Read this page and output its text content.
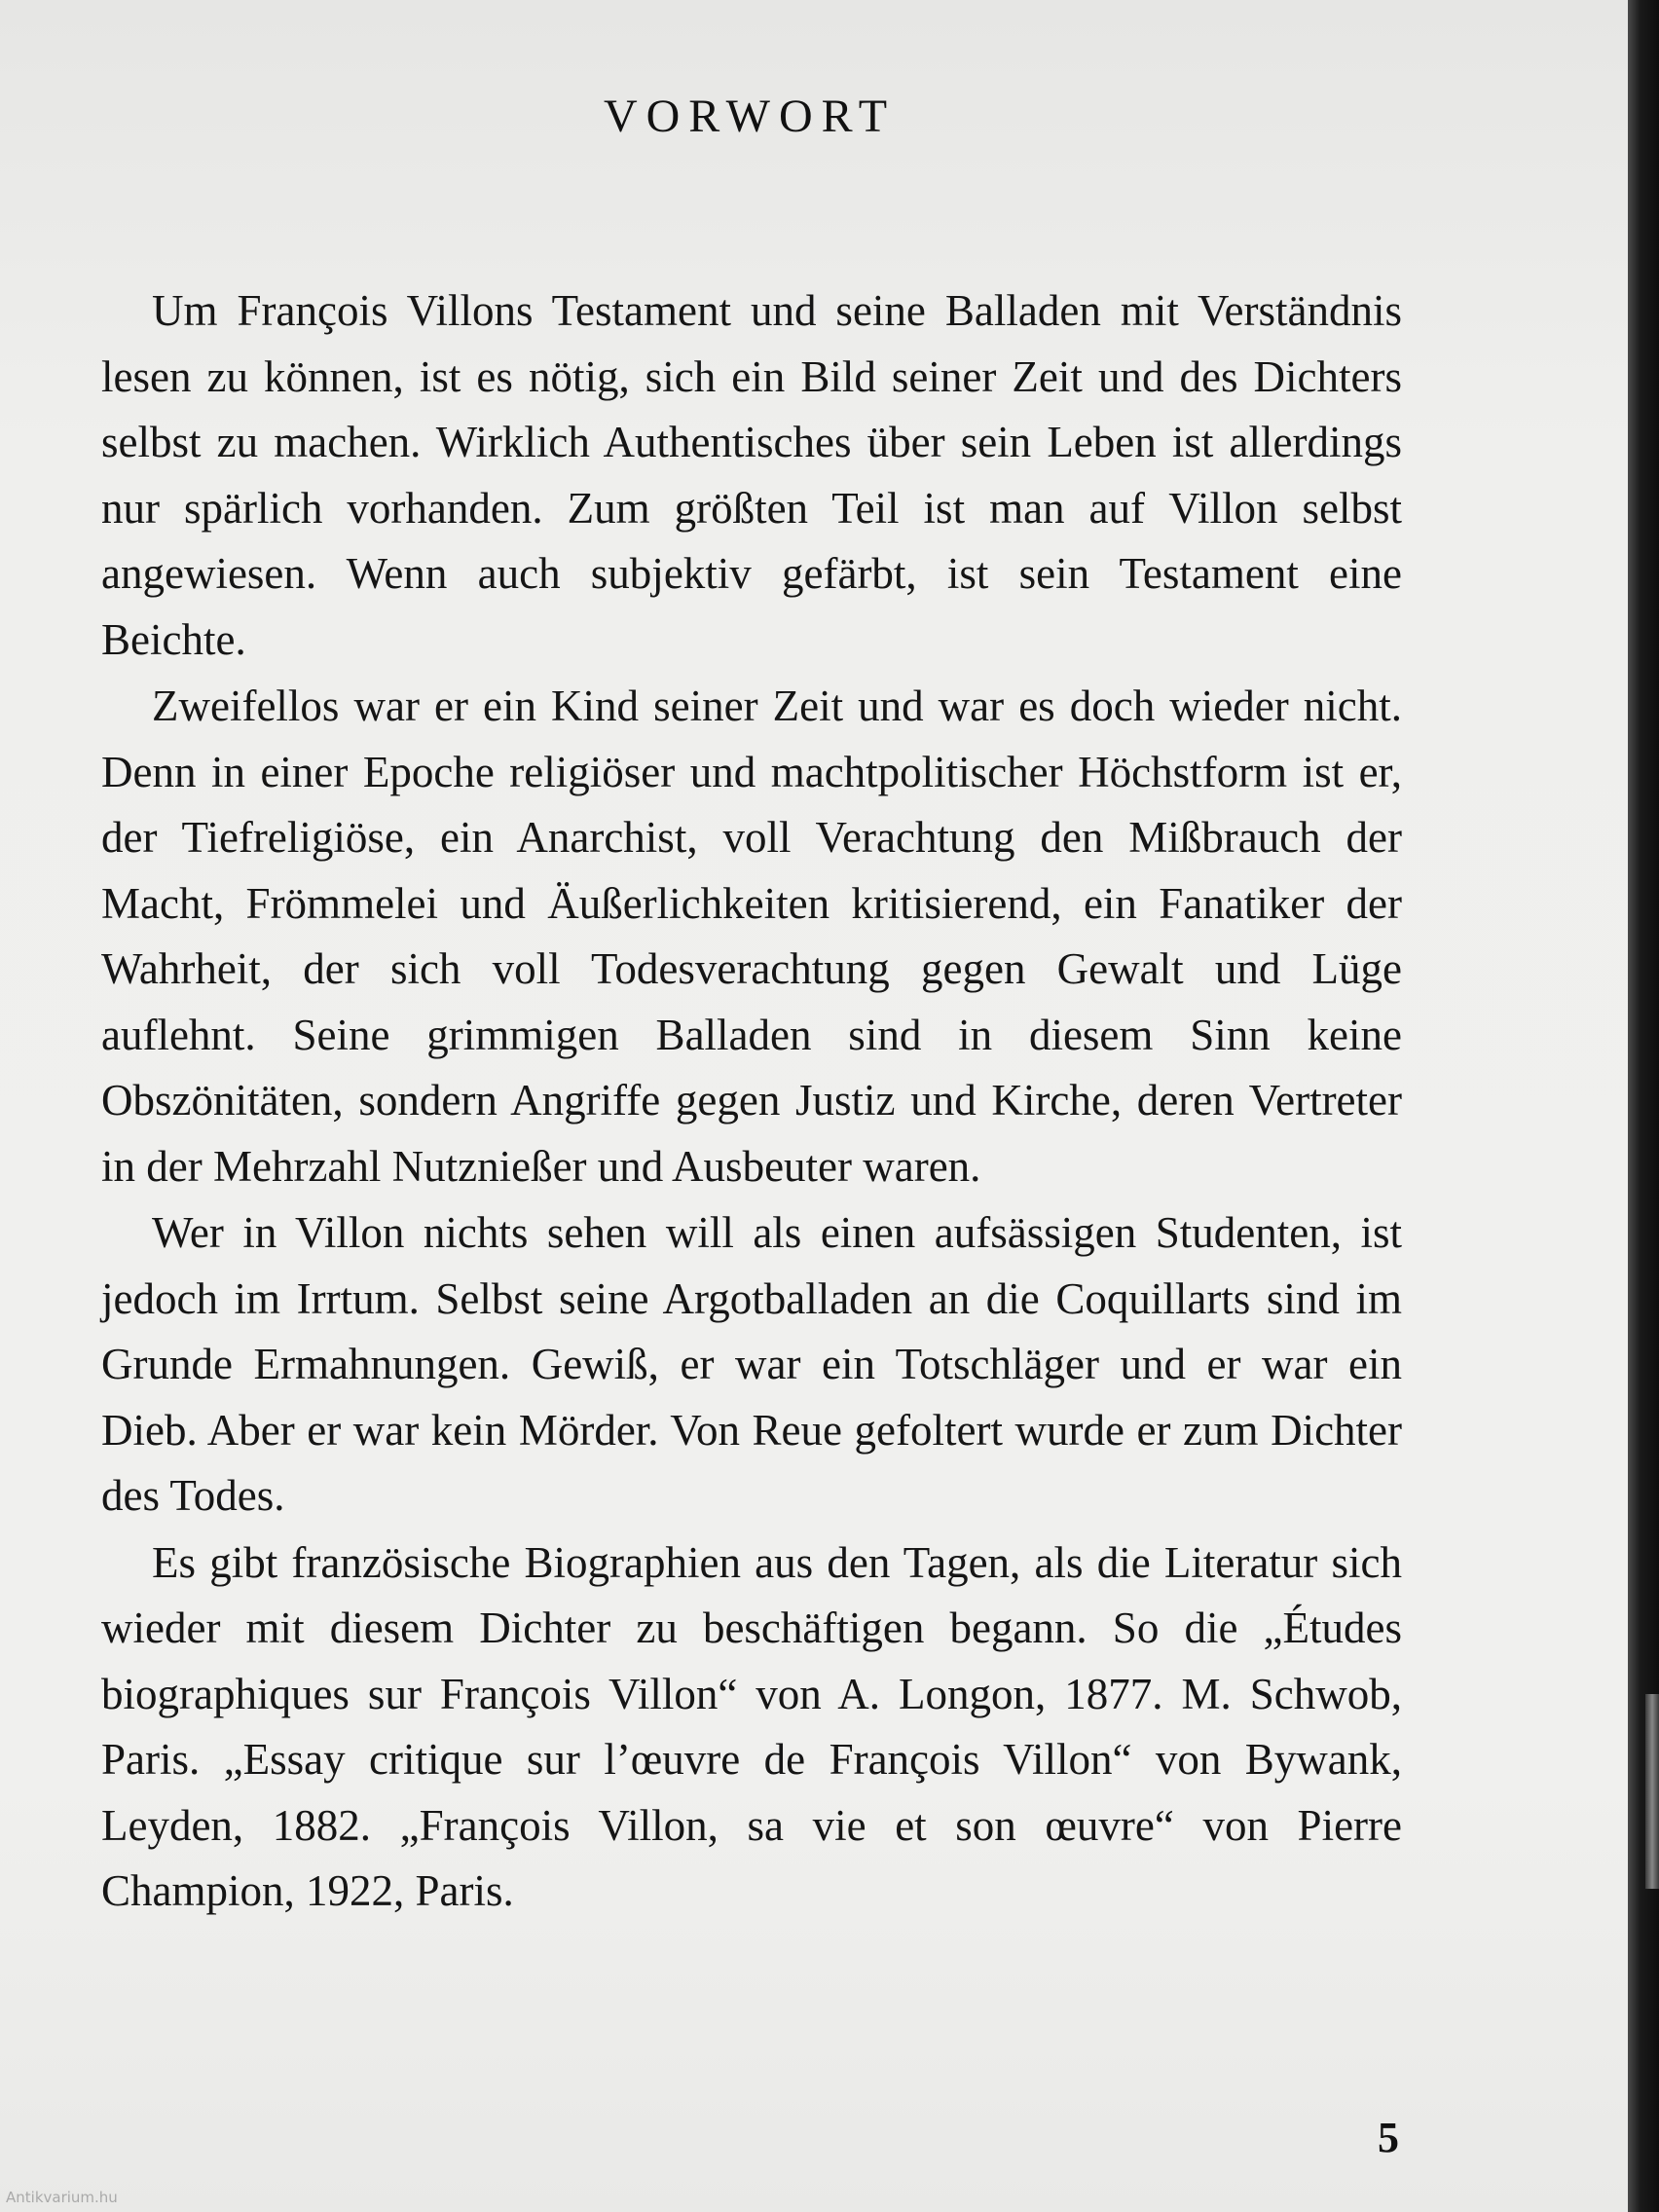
VORWORT

Um François Villons Testament und seine Balladen mit Verständnis lesen zu können, ist es nötig, sich ein Bild seiner Zeit und des Dichters selbst zu machen. Wirklich Authentisches über sein Leben ist allerdings nur spärlich vorhanden. Zum größten Teil ist man auf Villon selbst angewiesen. Wenn auch subjektiv gefärbt, ist sein Testament eine Beichte.

Zweifellos war er ein Kind seiner Zeit und war es doch wieder nicht. Denn in einer Epoche religiöser und machtpolitischer Höchstform ist er, der Tiefreligiöse, ein Anarchist, voll Verachtung den Mißbrauch der Macht, Frömmelei und Äußerlichkeiten kritisierend, ein Fanatiker der Wahrheit, der sich voll Todesverachtung gegen Gewalt und Lüge auflehnt. Seine grimmigen Balladen sind in diesem Sinn keine Obszönitäten, sondern Angriffe gegen Justiz und Kirche, deren Vertreter in der Mehrzahl Nutznießer und Ausbeuter waren.

Wer in Villon nichts sehen will als einen aufsässigen Studenten, ist jedoch im Irrtum. Selbst seine Argotballaden an die Coquillarts sind im Grunde Ermahnungen. Gewiß, er war ein Totschläger und er war ein Dieb. Aber er war kein Mörder. Von Reue gefoltert wurde er zum Dichter des Todes.

Es gibt französische Biographien aus den Tagen, als die Literatur sich wieder mit diesem Dichter zu beschäftigen begann. So die „Études biographiques sur François Villon“ von A. Longon, 1877. M. Schwob, Paris. „Essay critique sur l’œuvre de François Villon“ von Bywank, Leyden, 1882. „François Villon, sa vie et son œuvre“ von Pierre Champion, 1922, Paris.

5
Antikvarium.hu
